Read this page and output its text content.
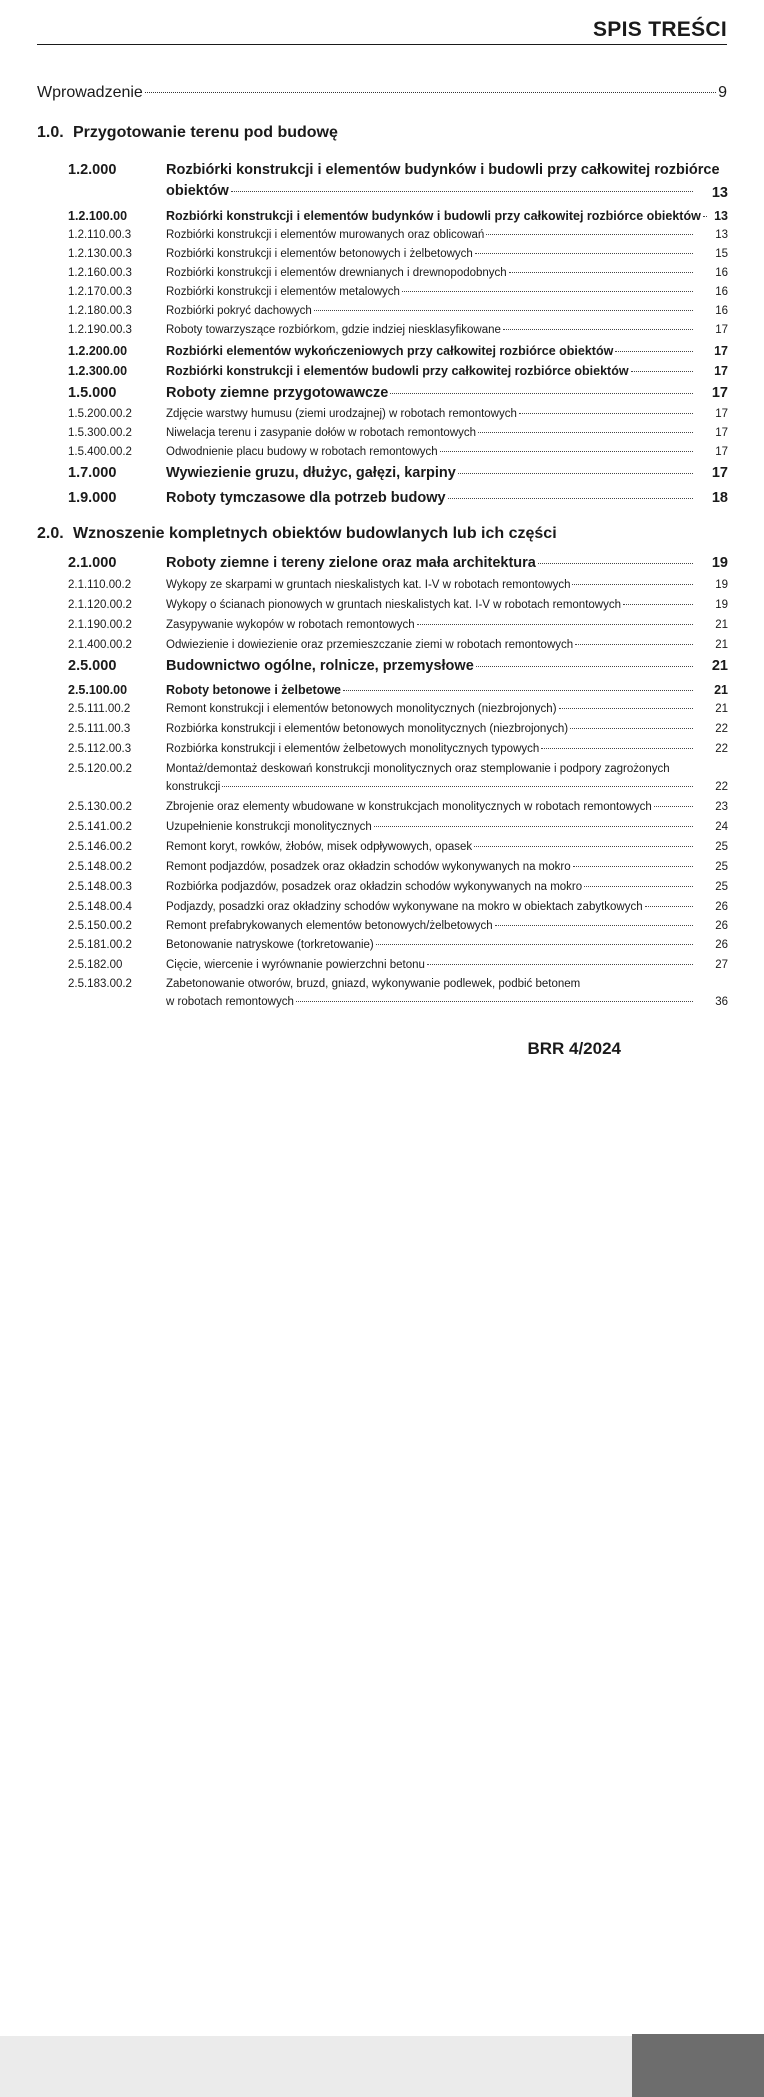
SPIS TREŚCI
Wprowadzenie	9
1.0. Przygotowanie terenu pod budowę
2.0. Wznoszenie kompletnych obiektów budowlanych lub ich części
1.2.000	Rozbiórki konstrukcji i elementów budynków i budowli przy całkowitej rozbiórce
obiektów	13
1.2.100.00	Rozbiórki konstrukcji i elementów budynków i budowli przy całkowitej rozbiórce obiektów 13
1.2.110.00.3	Rozbiórki konstrukcji i elementów murowanych oraz oblicowań	13
1.2.130.00.3	Rozbiórki konstrukcji i elementów betonowych i żelbetowych	15
1.2.160.00.3	Rozbiórki konstrukcji i elementów drewnianych i drewnopodobnych	16
1.2.170.00.3	Rozbiórki konstrukcji i elementów metalowych	16
1.2.180.00.3	Rozbiórki pokryć dachowych	16
1.2.190.00.3	Roboty towarzyszące rozbiórkom, gdzie indziej niesklasyfikowane	17
1.2.200.00	Rozbiórki elementów wykończeniowych przy całkowitej rozbiórce obiektów	17
1.2.300.00	Rozbiórki konstrukcji i elementów budowli przy całkowitej rozbiórce obiektów	17
1.5.000	Roboty ziemne przygotowawcze	17
1.5.200.00.2	Zdjęcie warstwy humusu (ziemi urodzajnej) w robotach remontowych	17
1.5.300.00.2	Niwelacja terenu i zasypanie dołów w robotach remontowych	17
1.5.400.00.2	Odwodnienie placu budowy w robotach remontowych	17
1.7.000	Wywiezienie gruzu, dłużyc, gałęzi, karpiny	17
1.9.000	Roboty tymczasowe dla potrzeb budowy	18
2.1.000	Roboty ziemne i tereny zielone oraz mała architektura	19
2.1.110.00.2	Wykopy ze skarpami w gruntach nieskalistych kat. I-V w robotach remontowych	19
2.1.120.00.2	Wykopy o ścianach pionowych w gruntach nieskalistych kat. I-V w robotach remontowych	19
2.1.190.00.2	Zasypywanie wykopów w robotach remontowych	21
2.1.400.00.2	Odwiezienie i dowiezienie oraz przemieszczanie ziemi w robotach remontowych	21
2.5.000	Budownictwo ogólne, rolnicze, przemysłowe	21
2.5.100.00	Roboty betonowe i żelbetowe	21
2.5.111.00.2	Remont konstrukcji i elementów betonowych monolitycznych (niezbrojonych)	21
2.5.111.00.3	Rozbiórka konstrukcji i elementów betonowych monolitycznych (niezbrojonych)	22
2.5.112.00.3	Rozbiórka konstrukcji i elementów żelbetowych monolitycznych typowych	22
2.5.120.00.2	Montaż/demontaż deskowań konstrukcji monolitycznych oraz stemplowanie i podpory zagrożonych
konstrukcji	22
2.5.130.00.2	Zbrojenie oraz elementy wbudowane w konstrukcjach monolitycznych w robotach remontowych	23
2.5.141.00.2	Uzupełnienie konstrukcji monolitycznych	24
2.5.146.00.2	Remont koryt, rowków, żłobów, misek odpływowych, opasek	25
2.5.148.00.2	Remont podjazdów, posadzek oraz okładzin schodów wykonywanych na mokro	25
2.5.148.00.3	Rozbiórka podjazdów, posadzek oraz okładzin schodów wykonywanych na mokro	25
2.5.148.00.4	Podjazdy, posadzki oraz okładziny schodów wykonywane na mokro w obiektach zabytkowych	26
2.5.150.00.2	Remont prefabrykowanych elementów betonowych/żelbetowych	26
2.5.181.00.2	Betonowanie natryskowe (torkretowanie)	26
2.5.182.00	Cięcie, wiercenie i wyrównanie powierzchni betonu	27
2.5.183.00.2	Zabetonowanie otworów, bruzd, gniazd, wykonywanie podlewek, podbić betonem
w robotach remontowych	36
BRR 4/2024	3
